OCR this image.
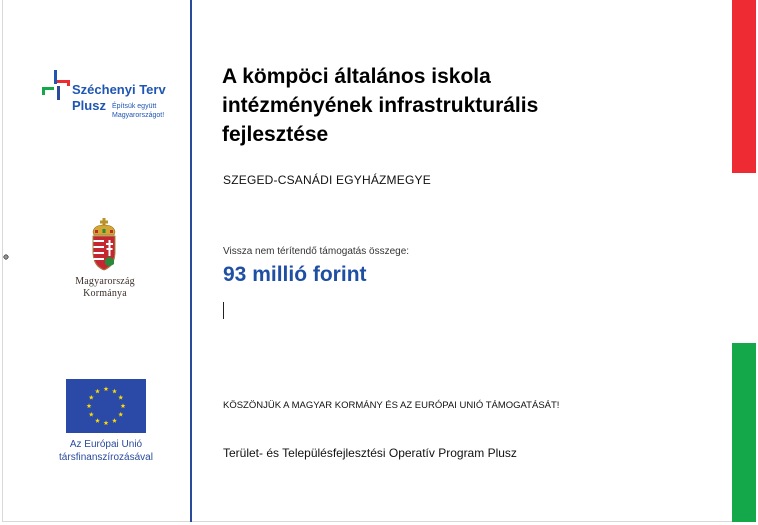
Széchenyi Terv
Plusz Építsük együtt Magyarországot!
Magyarország
Kormánya
Az Európai Unió
társfinanszírozásával
A kömpöci általános iskola intézményének infrastrukturális fejlesztése
SZEGED-CSANÁDI EGYHÁZMEGYE
Vissza nem térítendő támogatás összege:
93 millió forint
KÖSZÖNJÜK A MAGYAR KORMÁNY ÉS AZ EURÓPAI UNIÓ TÁMOGATÁSÁT!
Terület- és Településfejlesztési Operatív Program Plusz
